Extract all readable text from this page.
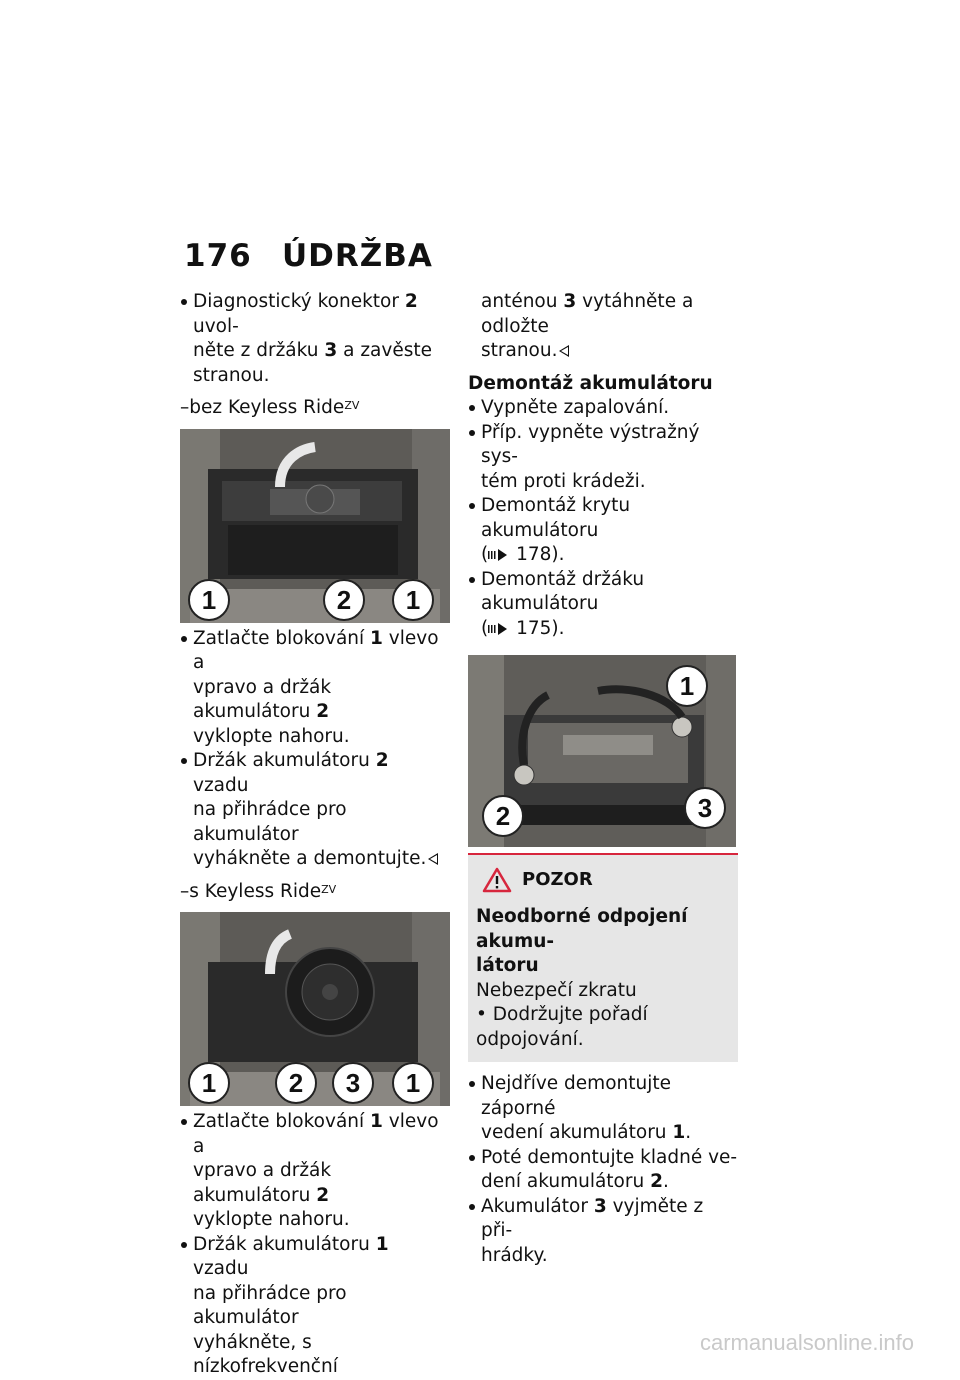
176 ÚDRŽBA
Diagnostický konektor 2 uvol-
něte z držáku 3 a zavěste
stranou.
–bez Keyless Ride$^{ZV}$
1	2	1
Zatlačte blokování 1 vlevo a
vpravo a držák akumulátoru 2
vyklopte nahoru.
Držák akumulátoru 2 vzadu
na přihrádce pro akumulátor
vyhákněte a demontujte.
–s Keyless Ride$^{ZV}$
1	2	3	1
Zatlačte blokování 1 vlevo a
vpravo a držák akumulátoru 2
vyklopte nahoru.
Držák akumulátoru 1 vzadu
na přihrádce pro akumulátor
vyhákněte, s nízkofrekvenční
anténou 3 vytáhněte a odložte
stranou.
Demontáž akumulátoru
Vypněte zapalování.
Příp. vypněte výstražný sys-
tém proti krádeži.
Demontáž krytu akumulátoru
( 178).
Demontáž držáku akumulátoru
( 175).
1
2	3
POZOR
Neodborné odpojení akumu-
látoru
Nebezpečí zkratu
• Dodržujte pořadí odpojování.
Nejdříve demontujte záporné
vedení akumulátoru 1.
Poté demontujte kladné ve-
dení akumulátoru 2.
Akumulátor 3 vyjměte z při-
hrádky.
carmanualsonline.info
